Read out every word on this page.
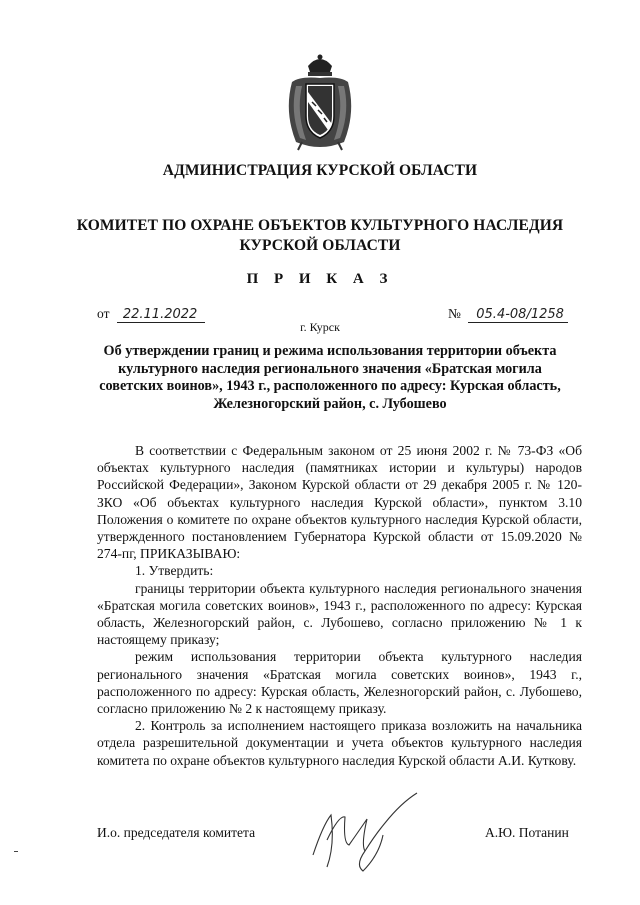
АДМИНИСТРАЦИЯ КУРСКОЙ ОБЛАСТИ
КОМИТЕТ ПО ОХРАНЕ ОБЪЕКТОВ КУЛЬТУРНОГО НАСЛЕДИЯ
КУРСКОЙ ОБЛАСТИ
П Р И К А З
от 22.11.2022	№ 05.4-08/1258
г. Курск
Об утверждении границ и режима использования территории объекта культурного наследия регионального значения «Братская могила советских воинов», 1943 г., расположенного по адресу: Курская область, Железногорский район, с. Лубошево

В соответствии с Федеральным законом от 25 июня 2002 г. № 73-ФЗ «Об объектах культурного наследия (памятниках истории и культуры) народов Российской Федерации», Законом Курской области от 29 декабря 2005 г. № 120-ЗКО «Об объектах культурного наследия Курской области», пунктом 3.10 Положения о комитете по охране объектов культурного наследия Курской области, утвержденного постановлением Губернатора Курской области от 15.09.2020 № 274-пг, ПРИКАЗЫВАЮ:

1. Утвердить:

границы территории объекта культурного наследия регионального значения «Братская могила советских воинов», 1943 г., расположенного по адресу: Курская область, Железногорский район, с. Лубошево, согласно приложению № 1 к настоящему приказу;

режим использования территории объекта культурного наследия регионального значения «Братская могила советских воинов», 1943 г., расположенного по адресу: Курская область, Железногорский район, с. Лубошево, согласно приложению № 2 к настоящему приказу.

2. Контроль за исполнением настоящего приказа возложить на начальника отдела разрешительной документации и учета объектов культурного наследия комитета по охране объектов культурного наследия Курской области А.И. Куткову.

И.о. председателя комитета	А.Ю. Потанин
